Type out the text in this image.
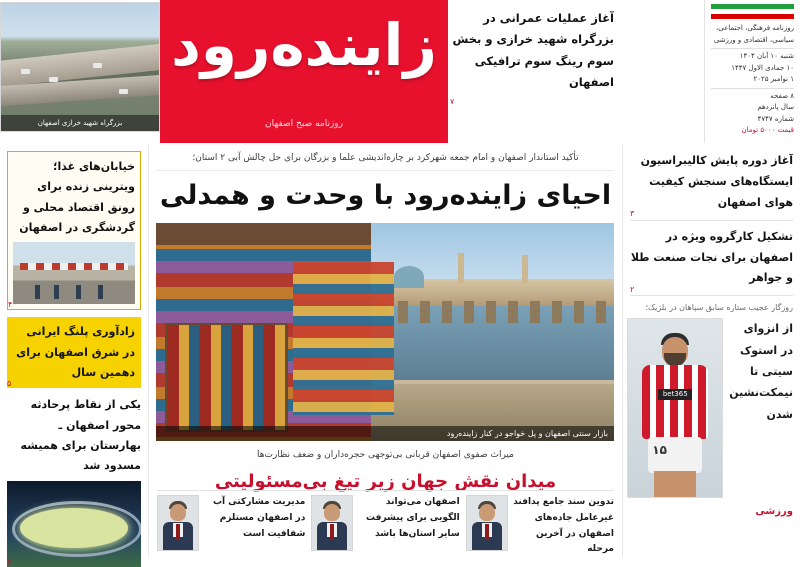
بزرگراه شهید خرازی اصفهان
آغاز عملیات عمرانی در بزرگراه شهید خرازی و بخش سوم رینگ سوم ترافیکی اصفهان
۷
زاینده‌رود
روزنامه صبح اصفهان
روزنامه فرهنگی، اجتماعی،
سیاسی، اقتصادی و ورزشی
شنبه ۱۰ آبان ۱۴۰۴
۱۰ جمادی الاول ۱۴۴۷
۱ نوامبر ۲۰۲۵
۸ صفحه
سال پانزدهم
شماره ۴۷۴۷
قیمت ۵۰۰۰ تومان
آغاز دوره پایش کالیبراسیون ایستگاه‌های سنجش کیفیت هوای اصفهان
۳
تشکیل کارگروه ویژه در اصفهان برای نجات صنعت طلا و جواهر
۲
روزگار عجیب ستاره سابق سپاهان در بلژیک؛
از انزوای در استوک سیتی تا نیمکت‌نشین شدن
bet365
۱۵
ورزشی
تأکید استاندار اصفهان و امام جمعه شهرکرد بر چاره‌اندیشی علما و بزرگان برای حل چالش آبی ۲ استان؛
احیای زاینده‌رود با وحدت و همدلی
بازار سنتی اصفهان و پل خواجو در کنار زاینده‌رود
میراث صفوی اصفهان قربانی بی‌توجهی حجره‌داران و ضعف نظارت‌ها
میدان نقش جهان زیر تیغ بی‌مسئولیتی
تدوین سند جامع پدافند غیرعامل جاده‌های اصفهان در آخرین مرحله
اصفهان می‌تواند الگویی برای پیشرفت سایر استان‌ها باشد
مدیریت مشارکتی آب در اصفهان مستلزم شفافیت است
خیابان‌های غذا؛ ویترینی زنده برای رونق اقتصاد محلی و گردشگری در اصفهان
۴
زادآوری پلنگ ایرانی در شرق اصفهان برای دهمین سال
۵
یکی از نقاط پرحادثه محور اصفهان ـ بهارستان برای همیشه مسدود شد
۶
